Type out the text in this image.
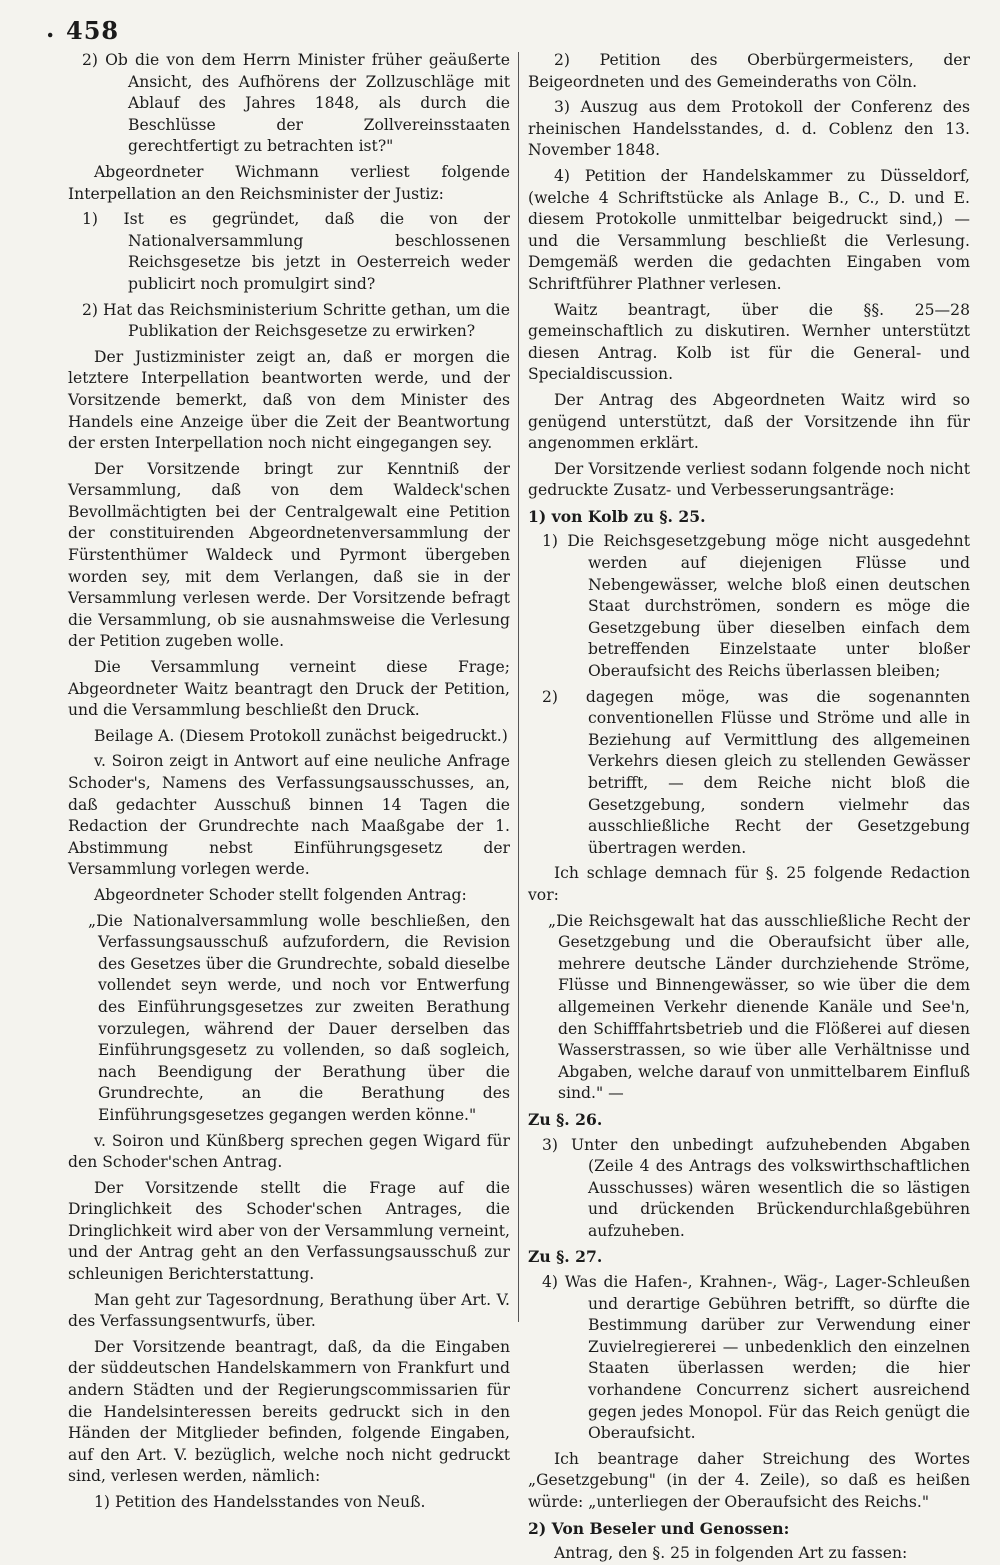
. 458

2) Ob die von dem Herrn Minister früher geäußerte Ansicht, des Aufhörens der Zollzuschläge mit Ablauf des Jahres 1848, als durch die Beschlüsse der Zollvereinsstaaten gerechtfertigt zu betrachten ist?"

Abgeordneter Wichmann verliest folgende Interpellation an den Reichsminister der Justiz:

1) Ist es gegründet, daß die von der Nationalversammlung beschlossenen Reichsgesetze bis jetzt in Oesterreich weder publicirt noch promulgirt sind?

2) Hat das Reichsministerium Schritte gethan, um die Publikation der Reichsgesetze zu erwirken?

Der Justizminister zeigt an, daß er morgen die letztere Interpellation beantworten werde, und der Vorsitzende bemerkt, daß von dem Minister des Handels eine Anzeige über die Zeit der Beantwortung der ersten Interpellation noch nicht eingegangen sey.

Der Vorsitzende bringt zur Kenntniß der Versammlung, daß von dem Waldeck'schen Bevollmächtigten bei der Centralgewalt eine Petition der constituirenden Abgeordnetenversammlung der Fürstenthümer Waldeck und Pyrmont übergeben worden sey, mit dem Verlangen, daß sie in der Versammlung verlesen werde. Der Vorsitzende befragt die Versammlung, ob sie ausnahmsweise die Verlesung der Petition zugeben wolle.

Die Versammlung verneint diese Frage; Abgeordneter Waitz beantragt den Druck der Petition, und die Versammlung beschließt den Druck.

Beilage A. (Diesem Protokoll zunächst beigedruckt.)

v. Soiron zeigt in Antwort auf eine neuliche Anfrage Schoder's, Namens des Verfassungsausschusses, an, daß gedachter Ausschuß binnen 14 Tagen die Redaction der Grundrechte nach Maaßgabe der 1. Abstimmung nebst Einführungsgesetz der Versammlung vorlegen werde.

Abgeordneter Schoder stellt folgenden Antrag:

„Die Nationalversammlung wolle beschließen, den Verfassungsausschuß aufzufordern, die Revision des Gesetzes über die Grundrechte, sobald dieselbe vollendet seyn werde, und noch vor Entwerfung des Einführungsgesetzes zur zweiten Berathung vorzulegen, während der Dauer derselben das Einführungsgesetz zu vollenden, so daß sogleich, nach Beendigung der Berathung über die Grundrechte, an die Berathung des Einführungsgesetzes gegangen werden könne."

v. Soiron und Künßberg sprechen gegen Wigard für den Schoder'schen Antrag.

Der Vorsitzende stellt die Frage auf die Dringlichkeit des Schoder'schen Antrages, die Dringlichkeit wird aber von der Versammlung verneint, und der Antrag geht an den Verfassungsausschuß zur schleunigen Berichterstattung.

Man geht zur Tagesordnung, Berathung über Art. V. des Verfassungsentwurfs, über.

Der Vorsitzende beantragt, daß, da die Eingaben der süddeutschen Handelskammern von Frankfurt und andern Städten und der Regierungscommissarien für die Handelsinteressen bereits gedruckt sich in den Händen der Mitglieder befinden, folgende Eingaben, auf den Art. V. bezüglich, welche noch nicht gedruckt sind, verlesen werden, nämlich:

1) Petition des Handelsstandes von Neuß.

2) Petition des Oberbürgermeisters, der Beigeordneten und des Gemeinderaths von Cöln.

3) Auszug aus dem Protokoll der Conferenz des rheinischen Handelsstandes, d. d. Coblenz den 13. November 1848.

4) Petition der Handelskammer zu Düsseldorf, (welche 4 Schriftstücke als Anlage B., C., D. und E. diesem Protokolle unmittelbar beigedruckt sind,) — und die Versammlung beschließt die Verlesung. Demgemäß werden die gedachten Eingaben vom Schriftführer Plathner verlesen.

Waitz beantragt, über die §§. 25—28 gemeinschaftlich zu diskutiren. Wernher unterstützt diesen Antrag. Kolb ist für die General- und Specialdiscussion.

Der Antrag des Abgeordneten Waitz wird so genügend unterstützt, daß der Vorsitzende ihn für angenommen erklärt.

Der Vorsitzende verliest sodann folgende noch nicht gedruckte Zusatz- und Verbesserungsanträge:

1) von Kolb zu §. 25.

1) Die Reichsgesetzgebung möge nicht ausgedehnt werden auf diejenigen Flüsse und Nebengewässer, welche bloß einen deutschen Staat durchströmen, sondern es möge die Gesetzgebung über dieselben einfach dem betreffenden Einzelstaate unter bloßer Oberaufsicht des Reichs überlassen bleiben;

2) dagegen möge, was die sogenannten conventionellen Flüsse und Ströme und alle in Beziehung auf Vermittlung des allgemeinen Verkehrs diesen gleich zu stellenden Gewässer betrifft, — dem Reiche nicht bloß die Gesetzgebung, sondern vielmehr das ausschließliche Recht der Gesetzgebung übertragen werden.

Ich schlage demnach für §. 25 folgende Redaction vor:

„Die Reichsgewalt hat das ausschließliche Recht der Gesetzgebung und die Oberaufsicht über alle, mehrere deutsche Länder durchziehende Ströme, Flüsse und Binnengewässer, so wie über die dem allgemeinen Verkehr dienende Kanäle und See'n, den Schifffahrtsbetrieb und die Flößerei auf diesen Wasserstrassen, so wie über alle Verhältnisse und Abgaben, welche darauf von unmittelbarem Einfluß sind." —

Zu §. 26.

3) Unter den unbedingt aufzuhebenden Abgaben (Zeile 4 des Antrags des volkswirthschaftlichen Ausschusses) wären wesentlich die so lästigen und drückenden Brückendurchlaßgebühren aufzuheben.

Zu §. 27.

4) Was die Hafen-, Krahnen-, Wäg-, Lager-Schleußen und derartige Gebühren betrifft, so dürfte die Bestimmung darüber zur Verwendung einer Zuvielregiererei — unbedenklich den einzelnen Staaten überlassen werden; die hier vorhandene Concurrenz sichert ausreichend gegen jedes Monopol. Für das Reich genügt die Oberaufsicht.

Ich beantrage daher Streichung des Wortes „Gesetzgebung" (in der 4. Zeile), so daß es heißen würde: „unterliegen der Oberaufsicht des Reichs."

2) Von Beseler und Genossen:

Antrag, den §. 25 in folgenden Art zu fassen:
